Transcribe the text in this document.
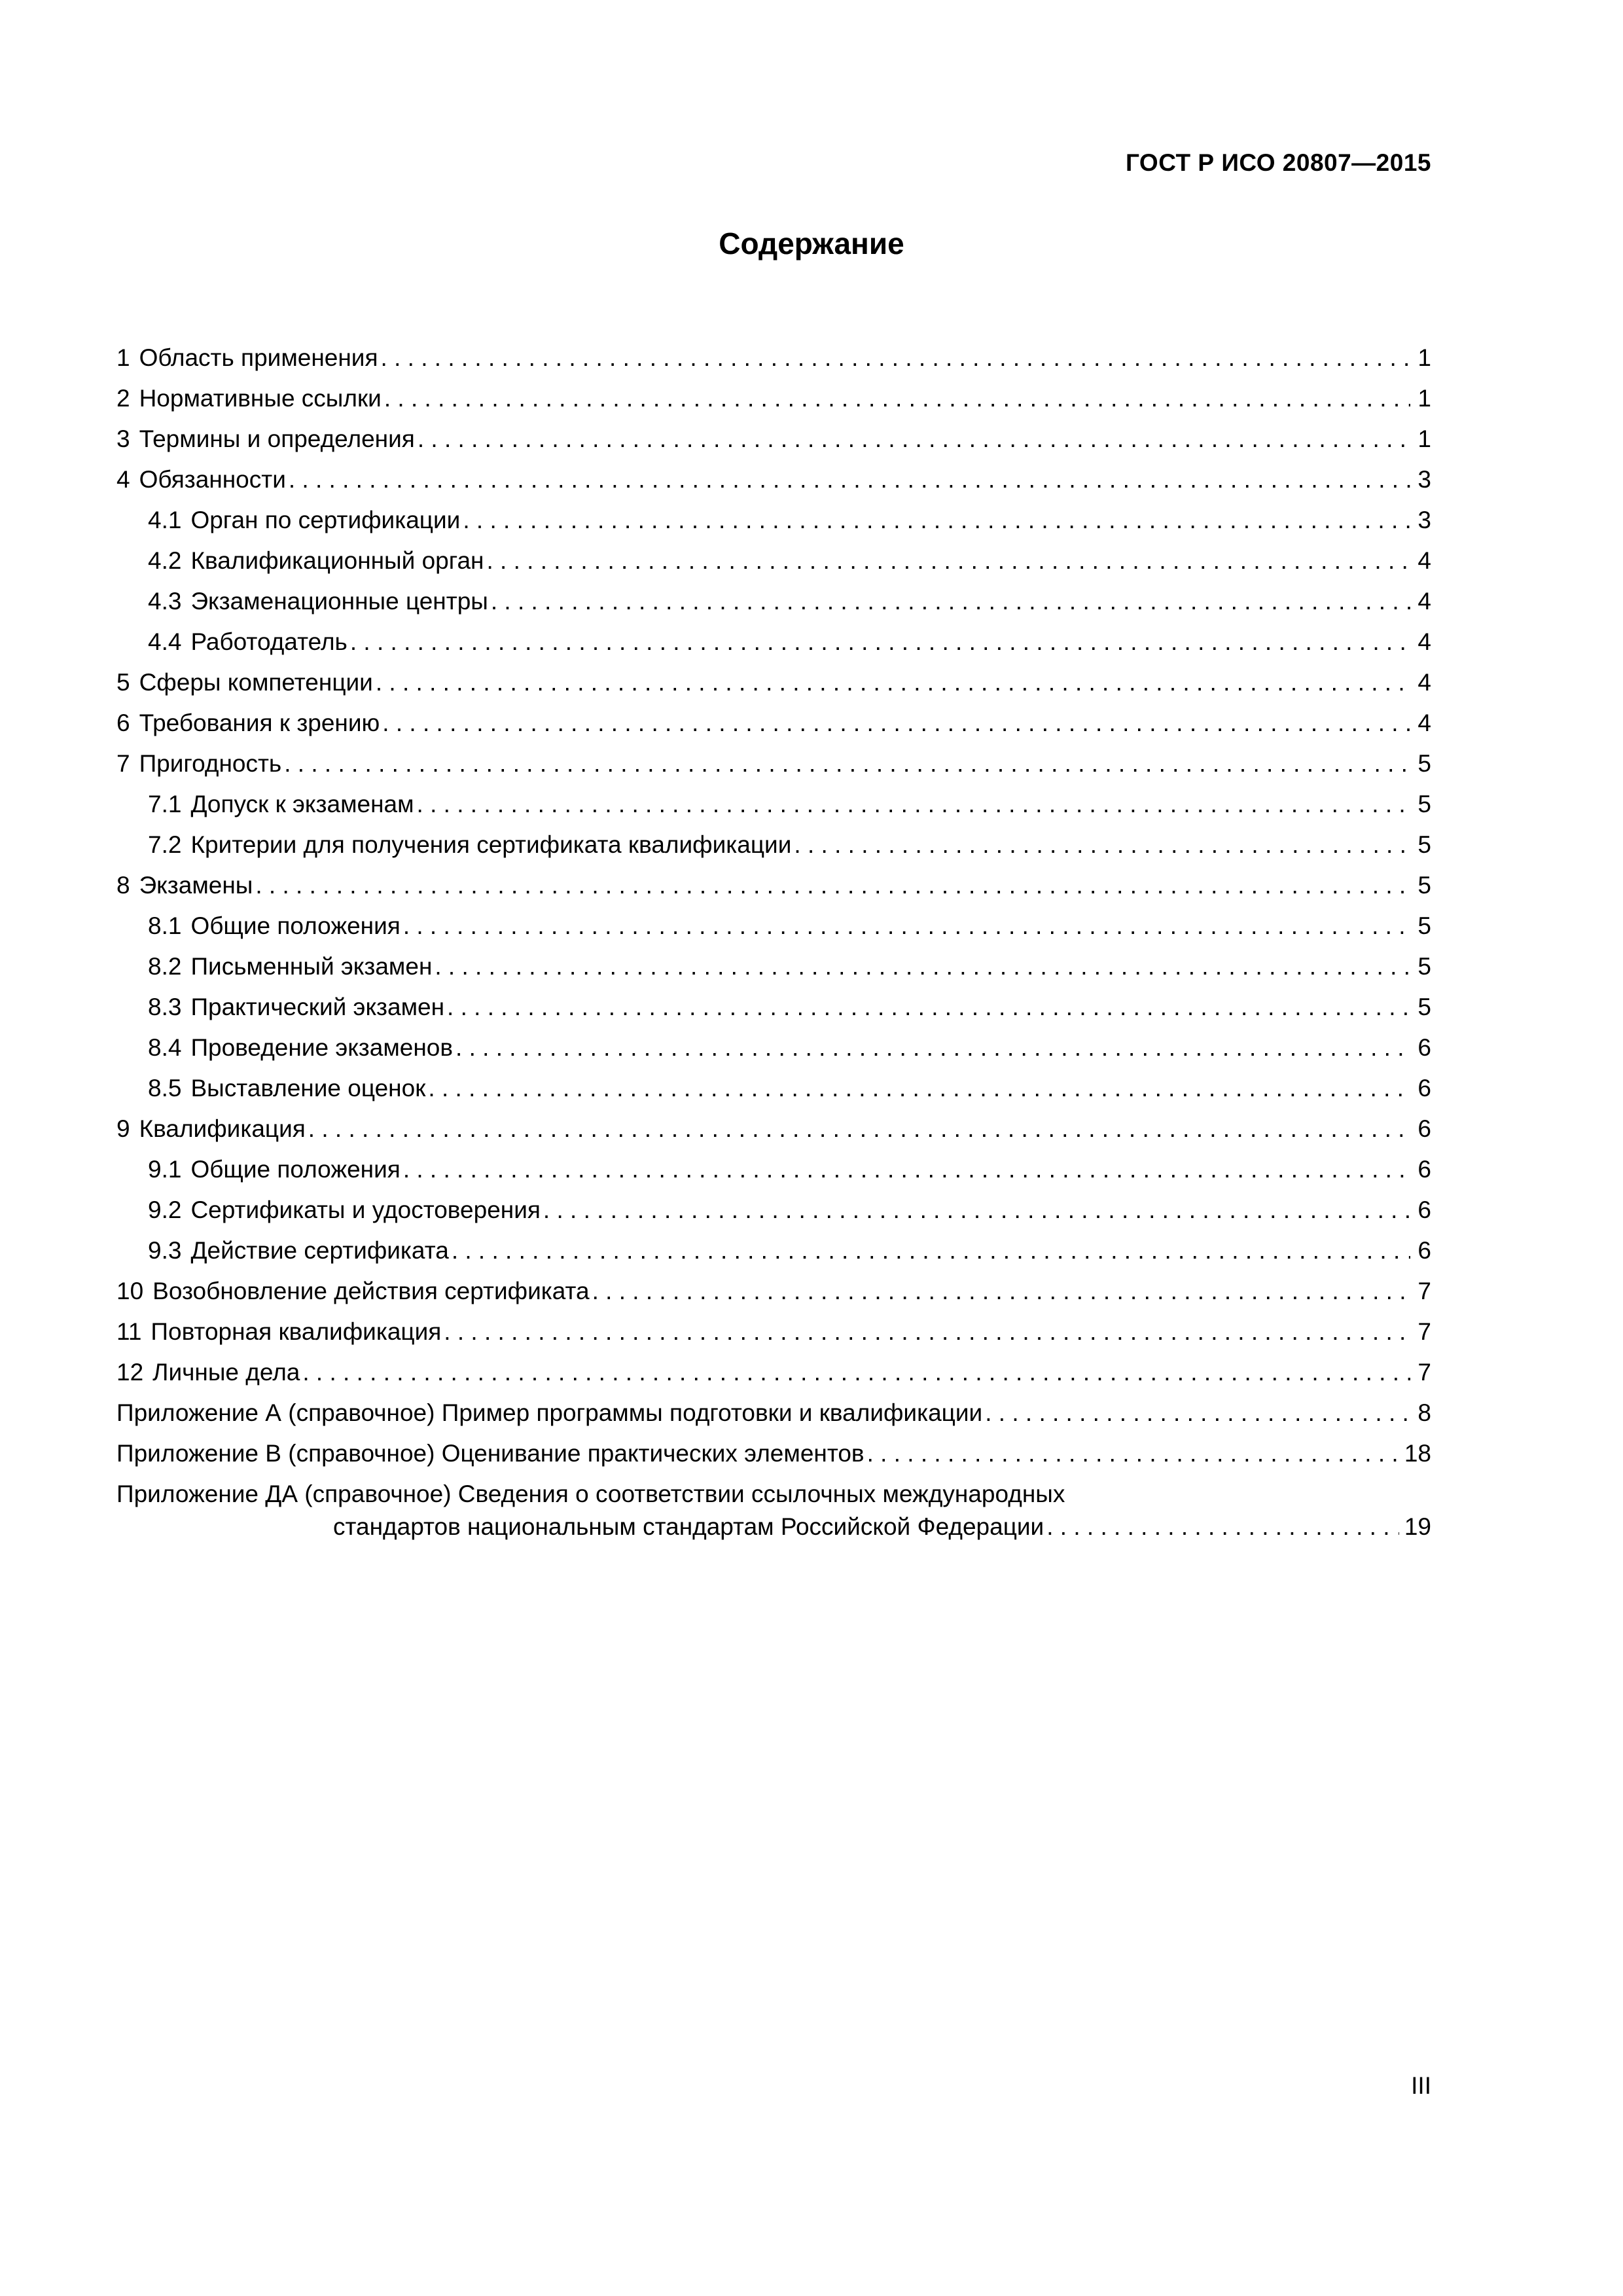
ГОСТ Р ИСО 20807—2015
Содержание
1 Область применения . . .	1
2 Нормативные ссылки . . .	1
3 Термины и определения . . .	1
4 Обязанности . . .	3
4.1 Орган по сертификации . . .	3
4.2 Квалификационный орган . . .	4
4.3 Экзаменационные центры . . .	4
4.4 Работодатель . . .	4
5 Сферы компетенции . . .	4
6 Требования к зрению . . .	4
7 Пригодность . . .	5
7.1 Допуск к экзаменам . . .	5
7.2 Критерии для получения сертификата квалификации . . .	5
8 Экзамены . . .	5
8.1 Общие положения . . .	5
8.2 Письменный экзамен . . .	5
8.3 Практический экзамен . . .	5
8.4 Проведение экзаменов . . .	6
8.5 Выставление оценок . . .	6
9 Квалификация . . .	6
9.1 Общие положения . . .	6
9.2 Сертификаты и удостоверения . . .	6
9.3 Действие сертификата . . .	6
10 Возобновление действия сертификата . . .	7
11 Повторная квалификация . . .	7
12 Личные дела . . .	7
Приложение А (справочное) Пример программы подготовки и квалификации . . .	8
Приложение В (справочное) Оценивание практических элементов . . .	18
Приложение ДА (справочное) Сведения о соответствии ссылочных международных
стандартов национальным стандартам Российской Федерации . . .	19
III
